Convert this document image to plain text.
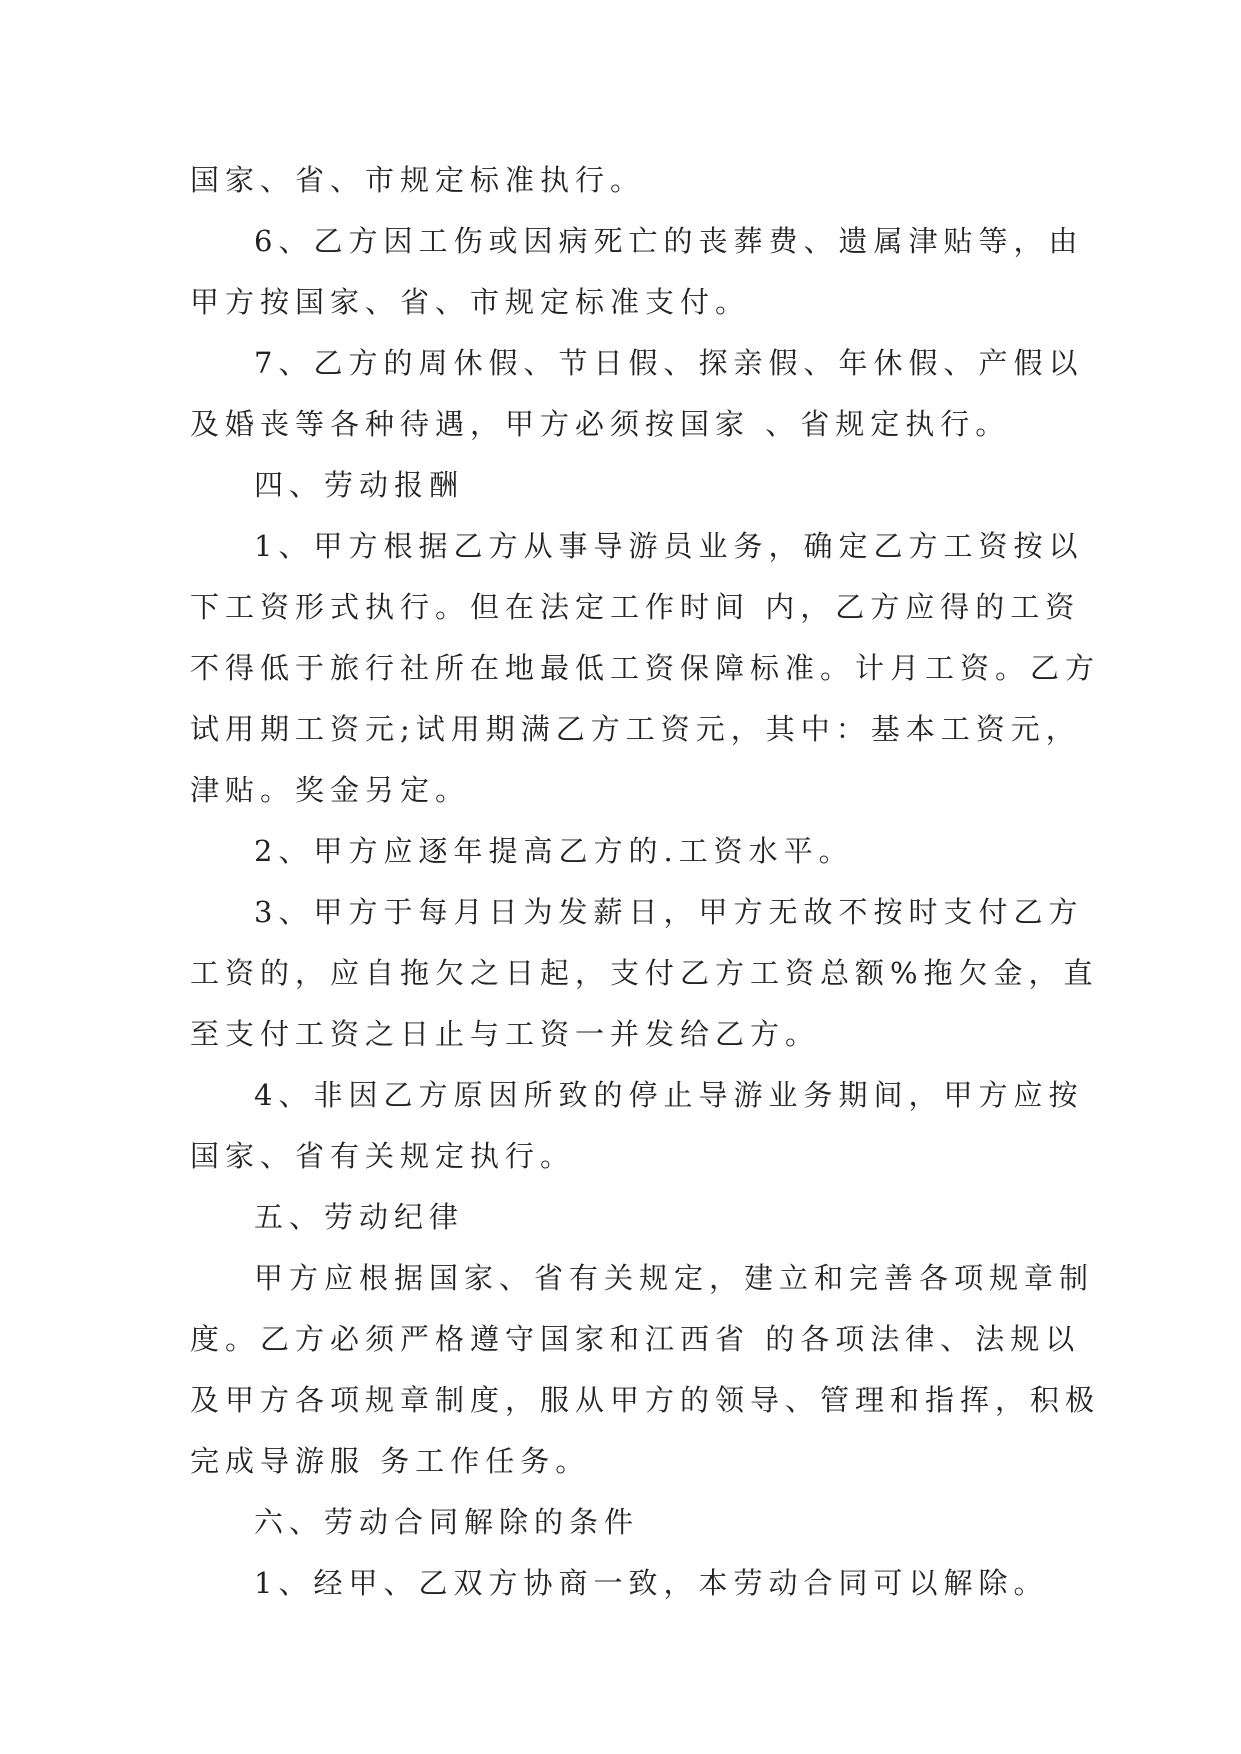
国家、省、市规定标准执行。
6、乙方因工伤或因病死亡的丧葬费、遗属津贴等，由
甲方按国家、省、市规定标准支付。
7、乙方的周休假、节日假、探亲假、年休假、产假以
及婚丧等各种待遇，甲方必须按国家 、省规定执行。
四、劳动报酬
1、甲方根据乙方从事导游员业务，确定乙方工资按以
下工资形式执行。但在法定工作时间 内，乙方应得的工资
不得低于旅行社所在地最低工资保障标准。计月工资。乙方
试用期工资元;试用期满乙方工资元，其中：基本工资元，
津贴。奖金另定。
2、甲方应逐年提高乙方的.工资水平。
3、甲方于每月日为发薪日，甲方无故不按时支付乙方
工资的，应自拖欠之日起，支付乙方工资总额%拖欠金，直
至支付工资之日止与工资一并发给乙方。
4、非因乙方原因所致的停止导游业务期间，甲方应按
国家、省有关规定执行。
五、劳动纪律
甲方应根据国家、省有关规定，建立和完善各项规章制
度。乙方必须严格遵守国家和江西省 的各项法律、法规以
及甲方各项规章制度，服从甲方的领导、管理和指挥，积极
完成导游服 务工作任务。
六、劳动合同解除的条件
1、经甲、乙双方协商一致，本劳动合同可以解除。
